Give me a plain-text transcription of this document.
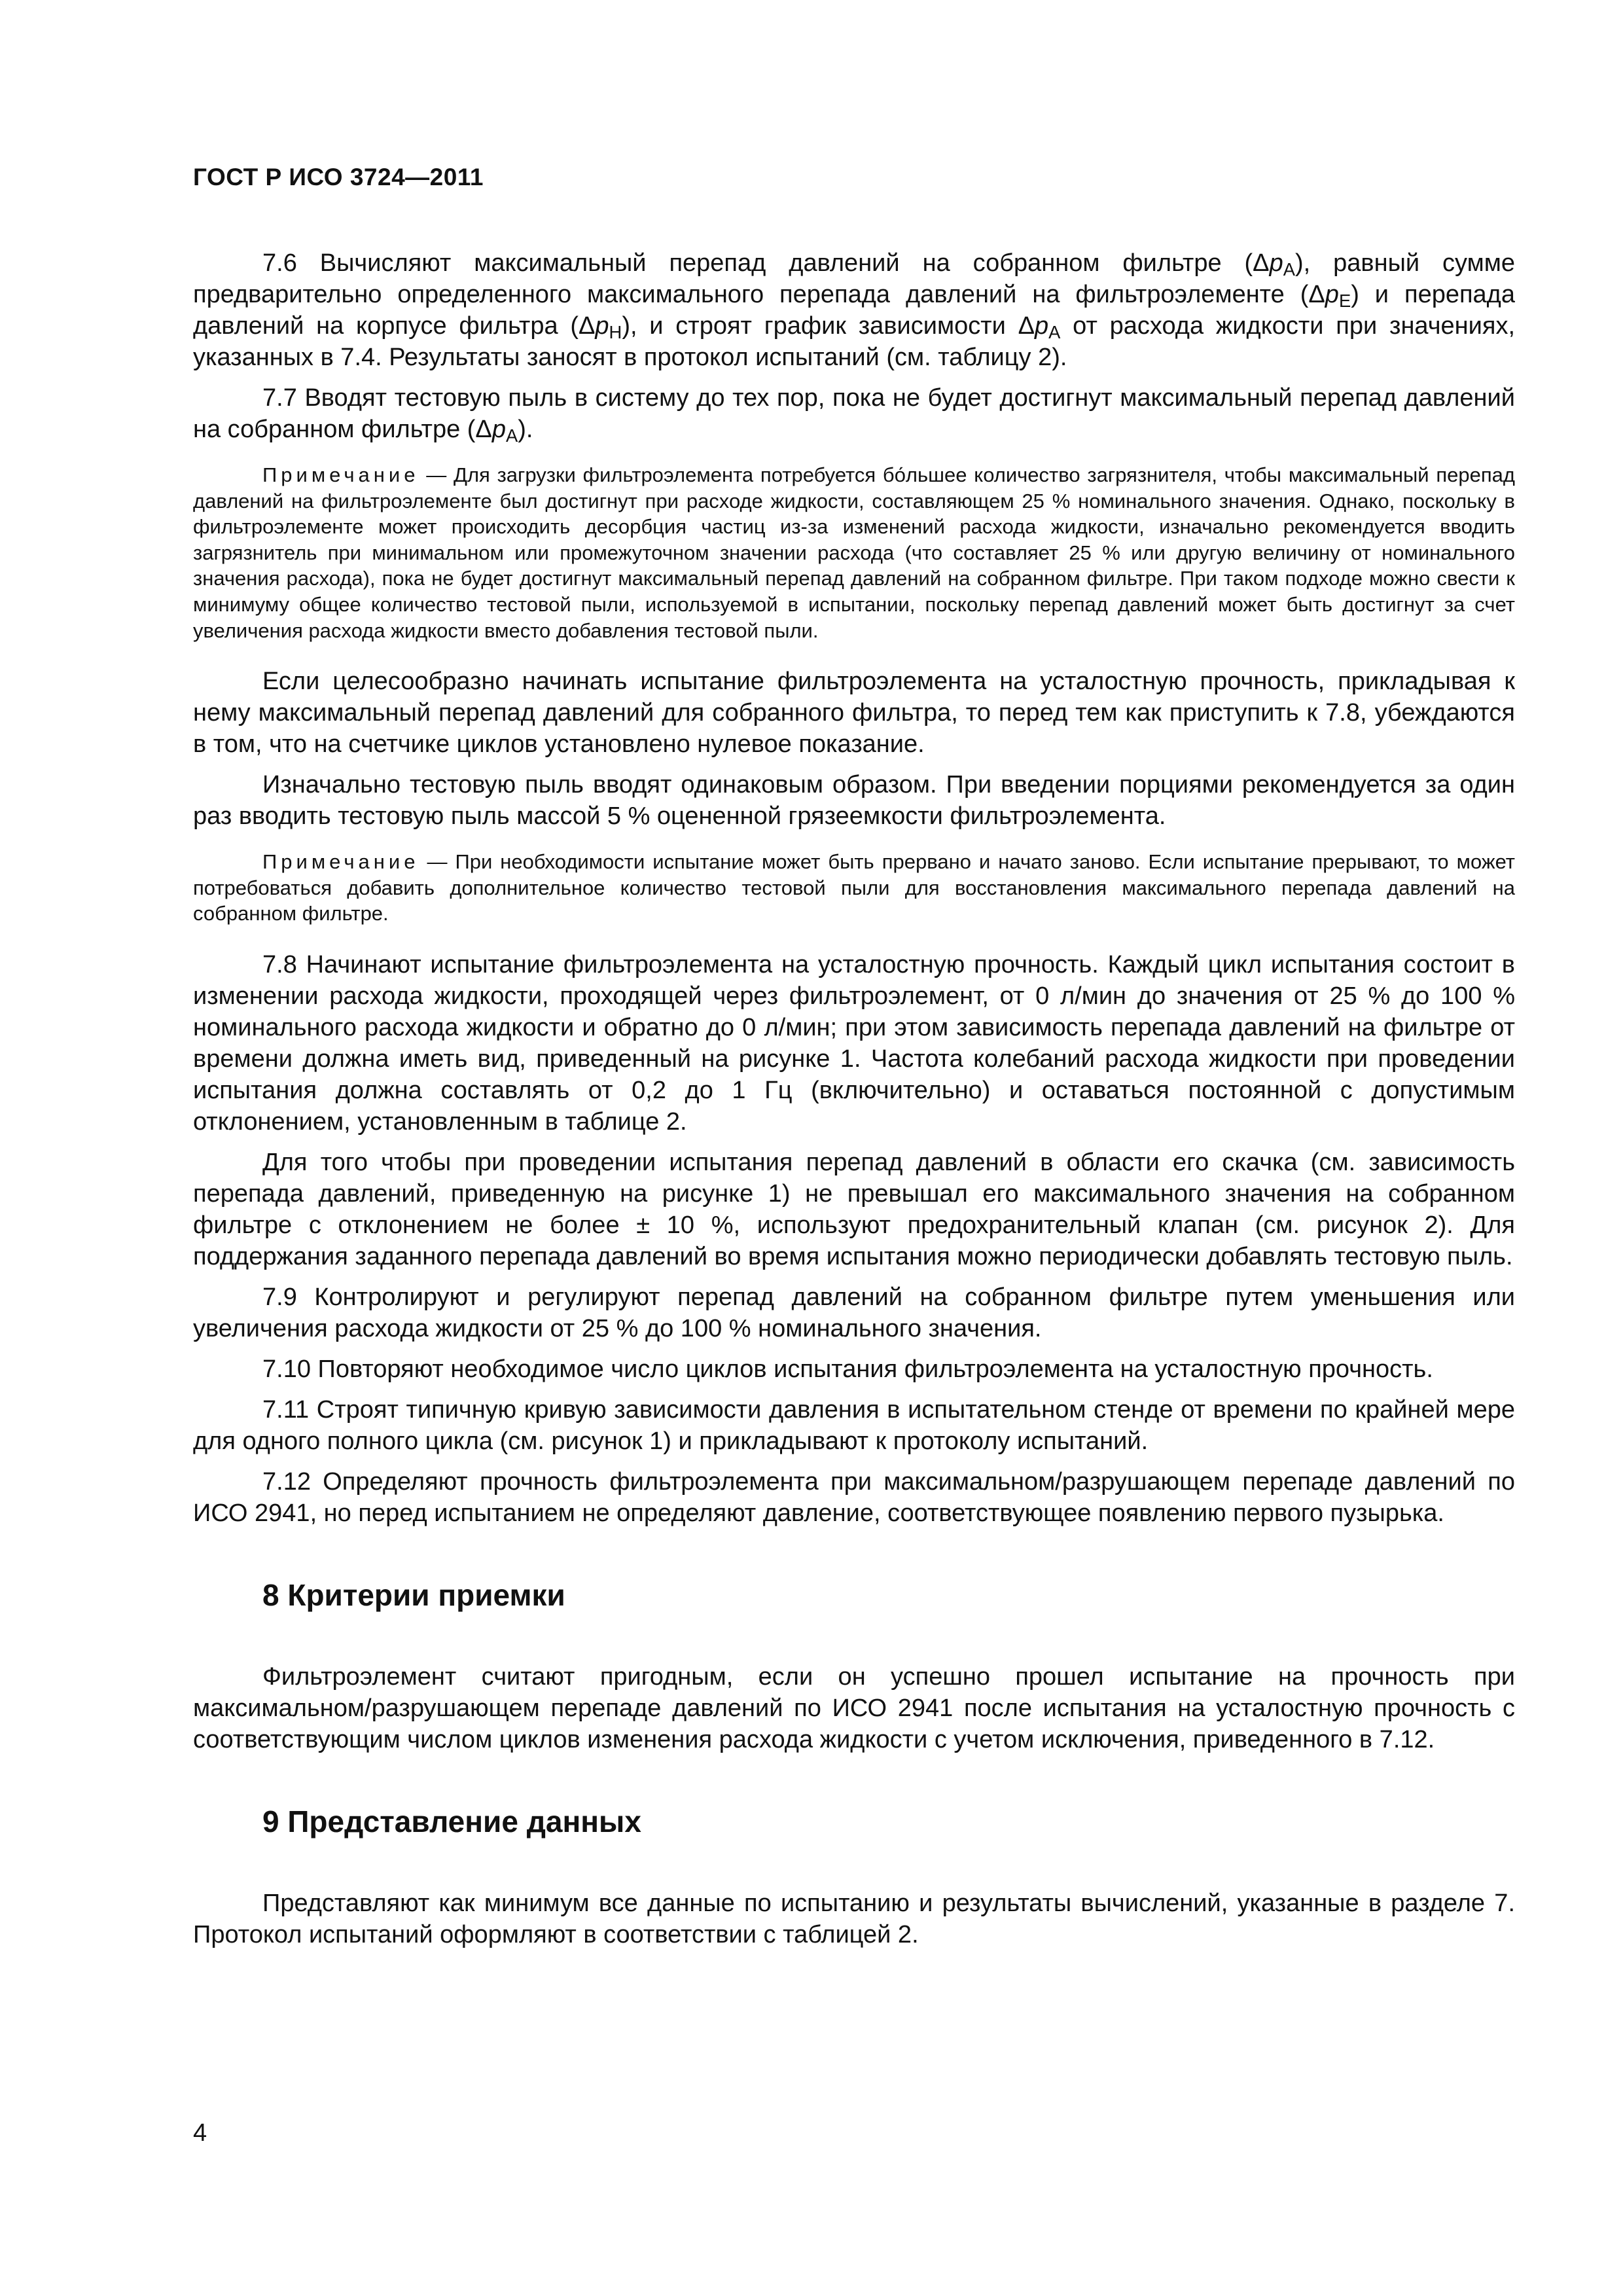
ГОСТ Р ИСО 3724—2011

7.6 Вычисляют максимальный перепад давлений на собранном фильтре $(\Delta p_A)$, равный сумме предварительно определенного максимального перепада давлений на фильтроэлементе $(\Delta p_E)$ и перепада давлений на корпусе фильтра $(\Delta p_H)$, и строят график зависимости $\Delta p_A$ от расхода жидкости при значениях, указанных в 7.4. Результаты заносят в протокол испытаний (см. таблицу 2).

7.7 Вводят тестовую пыль в систему до тех пор, пока не будет достигнут максимальный перепад давлений на собранном фильтре $(\Delta p_A)$.

Примечание — Для загрузки фильтроэлемента потребуется бо́льшее количество загрязнителя, чтобы максимальный перепад давлений на фильтроэлементе был достигнут при расходе жидкости, составляющем 25 % номинального значения. Однако, поскольку в фильтроэлементе может происходить десорбция частиц из-за изменений расхода жидкости, изначально рекомендуется вводить загрязнитель при минимальном или промежуточном значении расхода (что составляет 25 % или другую величину от номинального значения расхода), пока не будет достигнут максимальный перепад давлений на собранном фильтре. При таком подходе можно свести к минимуму общее количество тестовой пыли, используемой в испытании, поскольку перепад давлений может быть достигнут за счет увеличения расхода жидкости вместо добавления тестовой пыли.

Если целесообразно начинать испытание фильтроэлемента на усталостную прочность, прикладывая к нему максимальный перепад давлений для собранного фильтра, то перед тем как приступить к 7.8, убеждаются в том, что на счетчике циклов установлено нулевое показание.

Изначально тестовую пыль вводят одинаковым образом. При введении порциями рекомендуется за один раз вводить тестовую пыль массой 5 % оцененной грязеемкости фильтроэлемента.

Примечание — При необходимости испытание может быть прервано и начато заново. Если испытание прерывают, то может потребоваться добавить дополнительное количество тестовой пыли для восстановления максимального перепада давлений на собранном фильтре.

7.8 Начинают испытание фильтроэлемента на усталостную прочность. Каждый цикл испытания состоит в изменении расхода жидкости, проходящей через фильтроэлемент, от 0 л/мин до значения от 25 % до 100 % номинального расхода жидкости и обратно до 0 л/мин; при этом зависимость перепада давлений на фильтре от времени должна иметь вид, приведенный на рисунке 1. Частота колебаний расхода жидкости при проведении испытания должна составлять от 0,2 до 1 Гц (включительно) и оставаться постоянной с допустимым отклонением, установленным в таблице 2.

Для того чтобы при проведении испытания перепад давлений в области его скачка (см. зависимость перепада давлений, приведенную на рисунке 1) не превышал его максимального значения на собранном фильтре с отклонением не более ± 10 %, используют предохранительный клапан (см. рисунок 2). Для поддержания заданного перепада давлений во время испытания можно периодически добавлять тестовую пыль.

7.9 Контролируют и регулируют перепад давлений на собранном фильтре путем уменьшения или увеличения расхода жидкости от 25 % до 100 % номинального значения.

7.10 Повторяют необходимое число циклов испытания фильтроэлемента на усталостную прочность.

7.11 Строят типичную кривую зависимости давления в испытательном стенде от времени по крайней мере для одного полного цикла (см. рисунок 1) и прикладывают к протоколу испытаний.

7.12 Определяют прочность фильтроэлемента при максимальном/разрушающем перепаде давлений по ИСО 2941, но перед испытанием не определяют давление, соответствующее появлению первого пузырька.

8 Критерии приемки

Фильтроэлемент считают пригодным, если он успешно прошел испытание на прочность при максимальном/разрушающем перепаде давлений по ИСО 2941 после испытания на усталостную прочность с соответствующим числом циклов изменения расхода жидкости с учетом исключения, приведенного в 7.12.

9 Представление данных

Представляют как минимум все данные по испытанию и результаты вычислений, указанные в разделе 7. Протокол испытаний оформляют в соответствии с таблицей 2.

4
